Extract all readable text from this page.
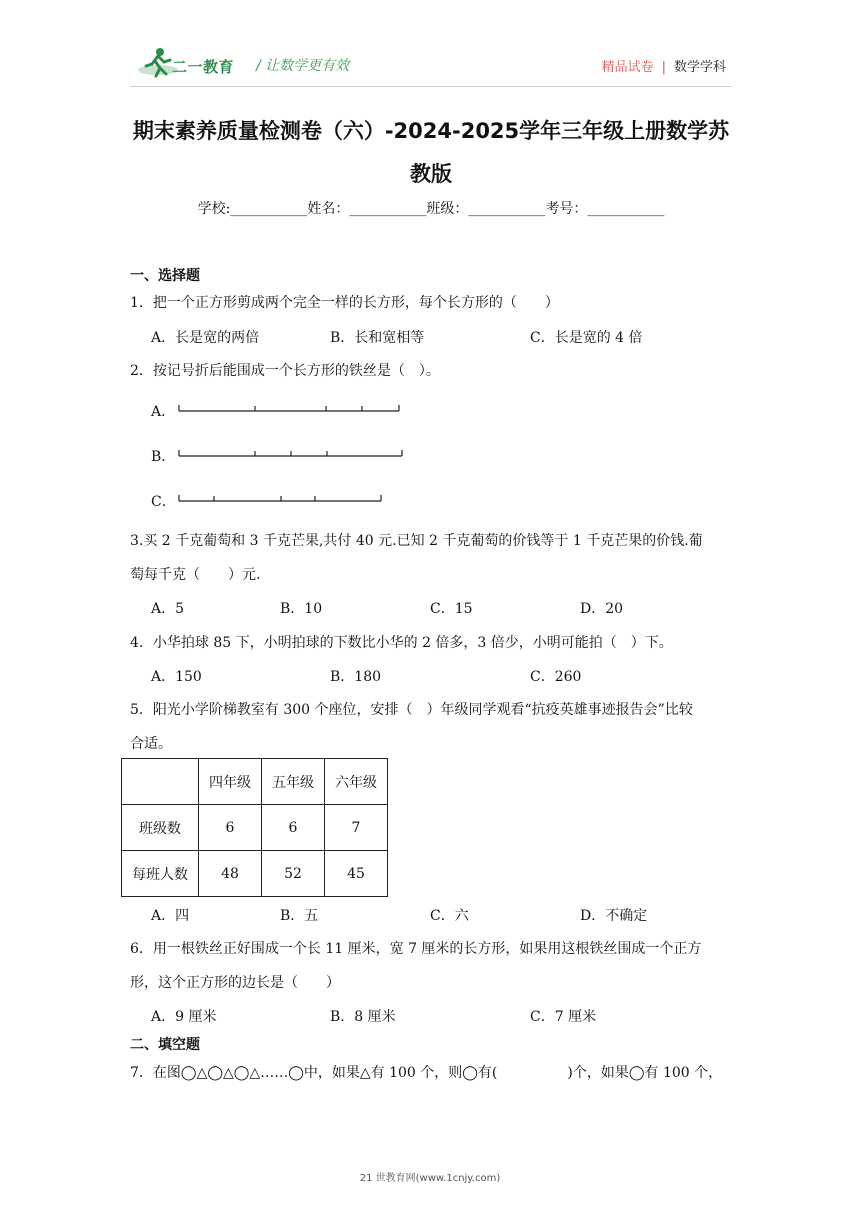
二一教育 / 让数学更有效	精品试卷 | 数学学科
期末素养质量检测卷（六）-2024-2025学年三年级上册数学苏
教版
学校:___________姓名：___________班级：___________考号：___________
一、选择题
1．把一个正方形剪成两个完全一样的长方形，每个长方形的（　　）
A．长是宽的两倍	B．长和宽相等	C．长是宽的 4 倍
2．按记号折后能围成一个长方形的铁丝是（　）。
A．
B．
C．
3.买 2 千克葡萄和 3 千克芒果,共付 40 元.已知 2 千克葡萄的价钱等于 1 千克芒果的价钱.葡
萄每千克（　　）元.
A．5	B．10	C．15	D．20
4．小华拍球 85 下，小明拍球的下数比小华的 2 倍多，3 倍少，小明可能拍（　）下。
A．150	B．180	C．260
5．阳光小学阶梯教室有 300 个座位，安排（　）年级同学观看“抗疫英雄事迹报告会”比较
合适。
	四年级	五年级	六年级
班级数	6	6	7
每班人数	48	52	45
A．四	B．五	C．六	D．不确定
6．用一根铁丝正好围成一个长 11 厘米，宽 7 厘米的长方形，如果用这根铁丝围成一个正方
形，这个正方形的边长是（　　）
A．9 厘米	B．8 厘米	C．7 厘米
二、填空题
7．在图◯△◯△◯△……◯中，如果△有 100 个，则◯有(　　　　　)个，如果◯有 100 个，
21 世教育网(www.1cnjy.com)
